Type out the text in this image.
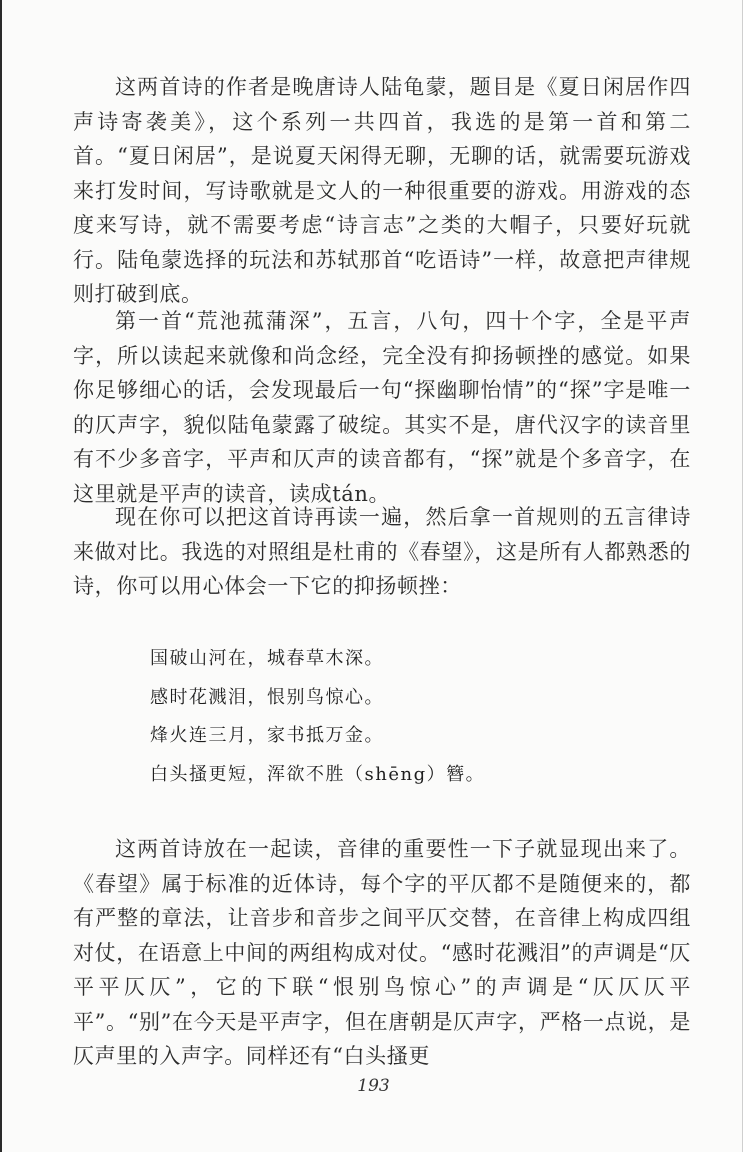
这两首诗的作者是晚唐诗人陆龟蒙，题目是《夏日闲居作四声诗寄袭美》，这个系列一共四首，我选的是第一首和第二首。“夏日闲居”，是说夏天闲得无聊，无聊的话，就需要玩游戏来打发时间，写诗歌就是文人的一种很重要的游戏。用游戏的态度来写诗，就不需要考虑“诗言志”之类的大帽子，只要好玩就行。陆龟蒙选择的玩法和苏轼那首“吃语诗”一样，故意把声律规则打破到底。

第一首“荒池菰蒲深”，五言，八句，四十个字，全是平声字，所以读起来就像和尚念经，完全没有抑扬顿挫的感觉。如果你足够细心的话，会发现最后一句“探幽聊怡情”的“探”字是唯一的仄声字，貌似陆龟蒙露了破绽。其实不是，唐代汉字的读音里有不少多音字，平声和仄声的读音都有，“探”就是个多音字，在这里就是平声的读音，读成tán。

现在你可以把这首诗再读一遍，然后拿一首规则的五言律诗来做对比。我选的对照组是杜甫的《春望》，这是所有人都熟悉的诗，你可以用心体会一下它的抑扬顿挫：

国破山河在，城春草木深。
感时花溅泪，恨别鸟惊心。
烽火连三月，家书抵万金。
白头搔更短，浑欲不胜（shēng）簪。

这两首诗放在一起读，音律的重要性一下子就显现出来了。《春望》属于标准的近体诗，每个字的平仄都不是随便来的，都有严整的章法，让音步和音步之间平仄交替，在音律上构成四组对仗，在语意上中间的两组构成对仗。“感时花溅泪”的声调是“仄平平仄仄”，它的下联“恨别鸟惊心”的声调是“仄仄仄平平”。“别”在今天是平声字，但在唐朝是仄声字，严格一点说，是仄声里的入声字。同样还有“白头搔更

193
